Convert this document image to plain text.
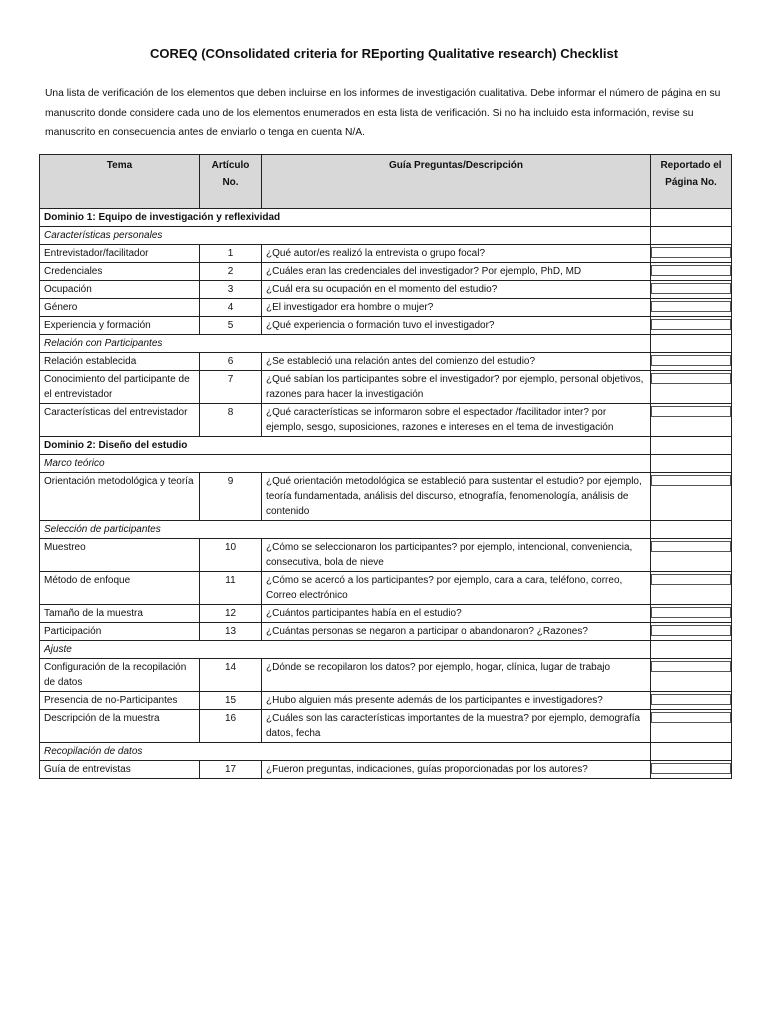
COREQ (COnsolidated criteria for REporting Qualitative research) Checklist
Una lista de verificación de los elementos que deben incluirse en los informes de investigación cualitativa. Debe informar el número de página en su manuscrito donde considere cada uno de los elementos enumerados en esta lista de verificación. Si no ha incluido esta información, revise su manuscrito en consecuencia antes de enviarlo o tenga en cuenta N/A.
Tema	Artículo No.	Guía Preguntas/Descripción	Reportado el Página No.
Dominio 1: Equipo de investigación y reflexividad			
Características personales			
Entrevistador/facilitador	1	¿Qué autor/es realizó la entrevista o grupo focal?	

Credenciales	2	¿Cuáles eran las credenciales del investigador? Por ejemplo, PhD, MD	

Ocupación	3	¿Cuál era su ocupación en el momento del estudio?	

Género	4	¿El investigador era hombre o mujer?	

Experiencia y formación	5	¿Qué experiencia o formación tuvo el investigador?	

Relación con Participantes			
Relación establecida	6	¿Se estableció una relación antes del comienzo del estudio?	

Conocimiento del participante de el entrevistador	7	¿Qué sabían los participantes sobre el investigador? por ejemplo, personal objetivos, razones para hacer la investigación	

Características del entrevistador	8	¿Qué características se informaron sobre el espectador /facilitador inter? por ejemplo, sesgo, suposiciones, razones e intereses en el tema de investigación	

Dominio 2: Diseño del estudio			
Marco teórico			
Orientación metodológica y teoría	9	¿Qué orientación metodológica se estableció para sustentar el estudio? por ejemplo, teoría fundamentada, análisis del discurso, etnografía, fenomenología, análisis de contenido	

Selección de participantes			
Muestreo	10	¿Cómo se seleccionaron los participantes? por ejemplo, intencional, conveniencia, consecutiva, bola de nieve	

Método de enfoque	11	¿Cómo se acercó a los participantes? por ejemplo, cara a cara, teléfono, correo, Correo electrónico	

Tamaño de la muestra	12	¿Cuántos participantes había en el estudio?	

Participación	13	¿Cuántas personas se negaron a participar o abandonaron? ¿Razones?	

Ajuste			
Configuración de la recopilación de datos	14	¿Dónde se recopilaron los datos? por ejemplo, hogar, clínica, lugar de trabajo	

Presencia de no-Participantes	15	¿Hubo alguien más presente además de los participantes e investigadores?	

Descripción de la muestra	16	¿Cuáles son las características importantes de la muestra? por ejemplo, demografía datos, fecha	

Recopilación de datos			
Guía de entrevistas	17	¿Fueron preguntas, indicaciones, guías proporcionadas por los autores?	
